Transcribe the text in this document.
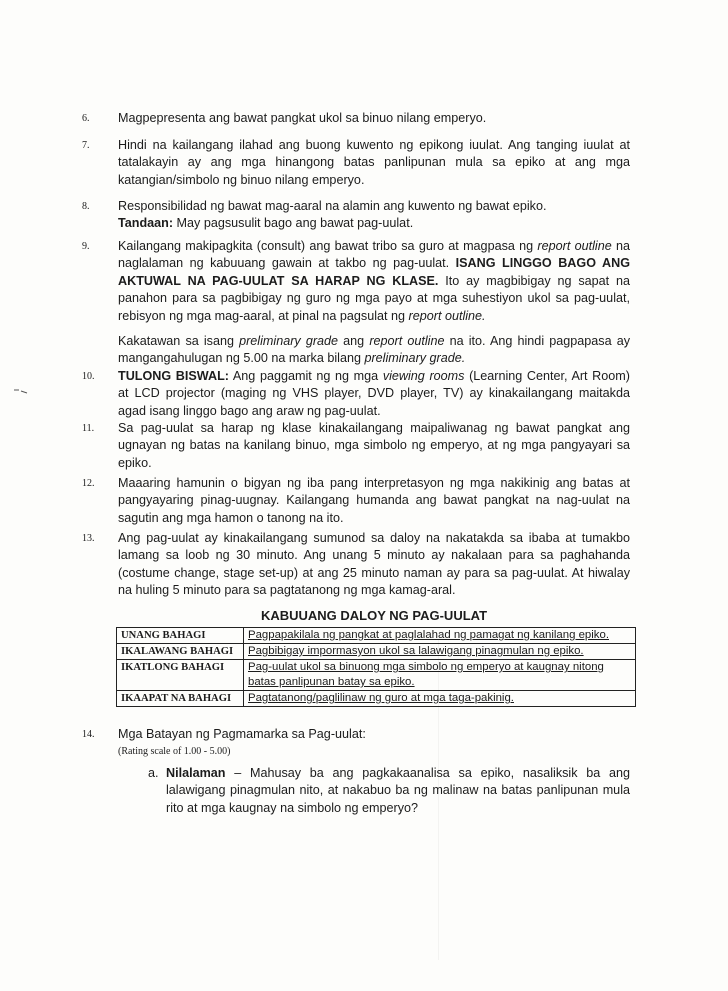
6.	Magpepresenta ang bawat pangkat ukol sa binuo nilang emperyo.
7.	Hindi na kailangang ilahad ang buong kuwento ng epikong iuulat. Ang tanging iuulat at tatalakayin ay ang mga hinangong batas panlipunan mula sa epiko at ang mga katangian/simbolo ng binuo nilang emperyo.
8.	Responsibilidad ng bawat mag-aaral na alamin ang kuwento ng bawat epiko.
Tandaan: May pagsusulit bago ang bawat pag-uulat.
9.	Kailangang makipagkita (consult) ang bawat tribo sa guro at magpasa ng report outline na naglalaman ng kabuuang gawain at takbo ng pag-uulat. ISANG LINGGO BAGO ANG AKTUWAL NA PAG-UULAT SA HARAP NG KLASE. Ito ay magbibigay ng sapat na panahon para sa pagbibigay ng guro ng mga payo at mga suhestiyon ukol sa pag-uulat, rebisyon ng mga mag-aaral, at pinal na pagsulat ng report outline.

Kakatawan sa isang preliminary grade ang report outline na ito. Ang hindi pagpapasa ay mangangahulugan ng 5.00 na marka bilang preliminary grade.

10.	TULONG BISWAL: Ang paggamit ng ng mga viewing rooms (Learning Center, Art Room) at LCD projector (maging ng VHS player, DVD player, TV) ay kinakailangang maitakda agad isang linggo bago ang araw ng pag-uulat.
11.	Sa pag-uulat sa harap ng klase kinakailangang maipaliwanag ng bawat pangkat ang ugnayan ng batas na kanilang binuo, mga simbolo ng emperyo, at ng mga pangyayari sa epiko.
12.	Maaaring hamunin o bigyan ng iba pang interpretasyon ng mga nakikinig ang batas at pangyayaring pinag-uugnay. Kailangang humanda ang bawat pangkat na nag-uulat na sagutin ang mga hamon o tanong na ito.
13.	Ang pag-uulat ay kinakailangang sumunod sa daloy na nakatakda sa ibaba at tumakbo lamang sa loob ng 30 minuto. Ang unang 5 minuto ay nakalaan para sa paghahanda (costume change, stage set-up) at ang 25 minuto naman ay para sa pag-uulat. At hiwalay na huling 5 minuto para sa pagtatanong ng mga kamag-aral.
KABUUANG DALOY NG PAG-UULAT
UNANG BAHAGI	Pagpapakilala ng pangkat at paglalahad ng pamagat ng kanilang epiko.
IKALAWANG BAHAGI	Pagbibigay impormasyon ukol sa lalawigang pinagmulan ng epiko.
IKATLONG BAHAGI	Pag-uulat ukol sa binuong mga simbolo ng emperyo at kaugnay nitong batas panlipunan batay sa epiko.
IKAAPAT NA BAHAGI	Pagtatanong/paglilinaw ng guro at mga taga-pakinig.
14.	Mga Batayan ng Pagmamarka sa Pag-uulat:
(Rating scale of 1.00 - 5.00)
a. Nilalaman – Mahusay ba ang pagkakaanalisa sa epiko, nasaliksik ba ang lalawigang pinagmulan nito, at nakabuo ba ng malinaw na batas panlipunan mula rito at mga kaugnay na simbolo ng emperyo?
